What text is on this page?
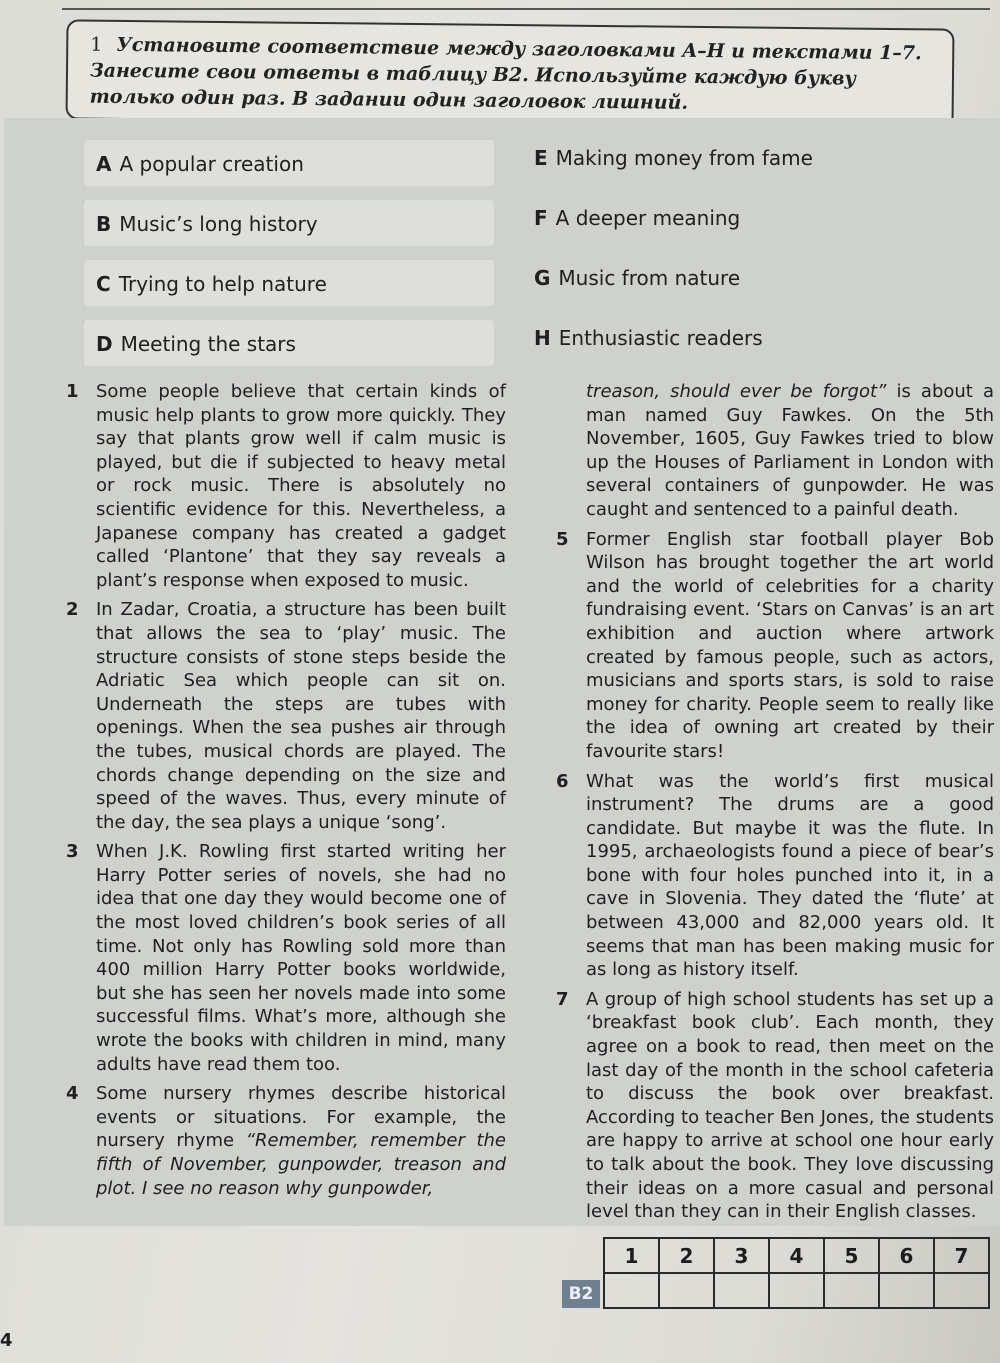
1 Установите соответствие между заголовками A–H и текстами 1–7. Занесите свои ответы в таблицу B2. Используйте каждую букву только один раз. В задании один заголовок лишний.
A A popular creation
B Music’s long history
C Trying to help nature
D Meeting the stars
E Making money from fame
F A deeper meaning
G Music from nature
H Enthusiastic readers
1 Some people believe that certain kinds of music help plants to grow more quickly. They say that plants grow well if calm music is played, but die if subjected to heavy metal or rock music. There is absolutely no scientific evidence for this. Nevertheless, a Japanese company has created a gadget called ‘Plantone’ that they say reveals a plant’s response when exposed to music.
2 In Zadar, Croatia, a structure has been built that allows the sea to ‘play’ music. The structure consists of stone steps beside the Adriatic Sea which people can sit on. Underneath the steps are tubes with openings. When the sea pushes air through the tubes, musical chords are played. The chords change depending on the size and speed of the waves. Thus, every minute of the day, the sea plays a unique ‘song’.
3 When J.K. Rowling first started writing her Harry Potter series of novels, she had no idea that one day they would become one of the most loved children’s book series of all time. Not only has Rowling sold more than 400 million Harry Potter books worldwide, but she has seen her novels made into some successful films. What’s more, although she wrote the books with children in mind, many adults have read them too.
4 Some nursery rhymes describe historical events or situations. For example, the nursery rhyme “Remember, remember the fifth of November, gunpowder, treason and plot. I see no reason why gunpowder,
treason, should ever be forgot” is about a man named Guy Fawkes. On the 5th November, 1605, Guy Fawkes tried to blow up the Houses of Parliament in London with several containers of gunpowder. He was caught and sentenced to a painful death.
5 Former English star football player Bob Wilson has brought together the art world and the world of celebrities for a charity fundraising event. ‘Stars on Canvas’ is an art exhibition and auction where artwork created by famous people, such as actors, musicians and sports stars, is sold to raise money for charity. People seem to really like the idea of owning art created by their favourite stars!
6 What was the world’s first musical instrument? The drums are a good candidate. But maybe it was the flute. In 1995, archaeologists found a piece of bear’s bone with four holes punched into it, in a cave in Slovenia. They dated the ‘flute’ at between 43,000 and 82,000 years old. It seems that man has been making music for as long as history itself.
7 A group of high school students has set up a ‘breakfast book club’. Each month, they agree on a book to read, then meet on the last day of the month in the school cafeteria to discuss the book over breakfast. According to teacher Ben Jones, the students are happy to arrive at school one hour early to talk about the book. They love discussing their ideas on a more casual and personal level than they can in their English classes.
1	2	3	4	5	6	7

B2
4
